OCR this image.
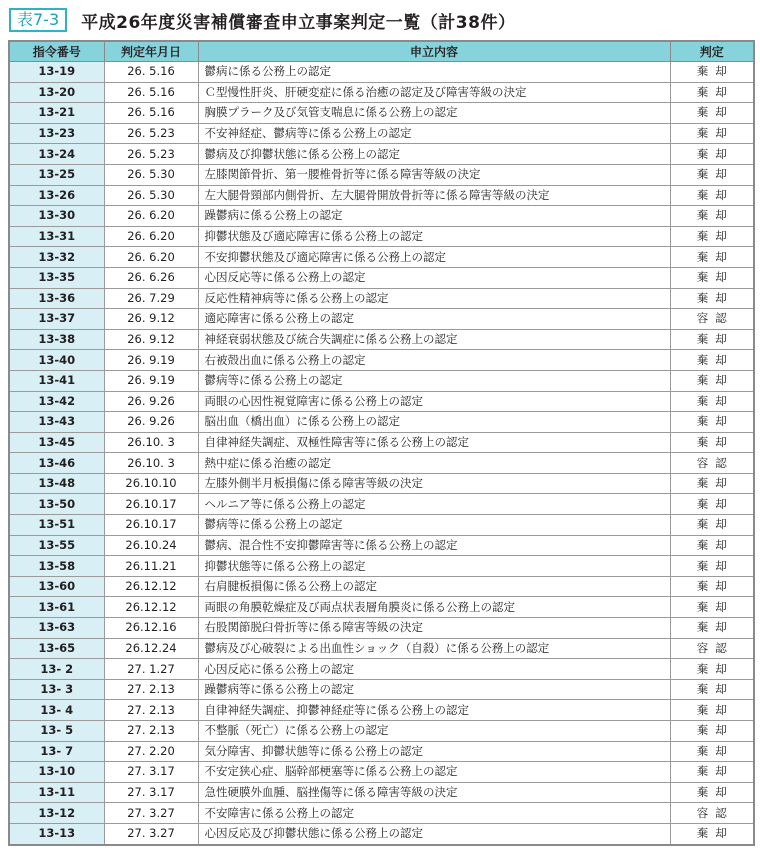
表7-3	平成26年度災害補償審査申立事案判定一覧（計38件）
指令番号	判定年月日	申立内容	判定
13-19	26. 5.16	鬱病に係る公務上の認定	棄却
13-20	26. 5.16	Ｃ型慢性肝炎、肝硬変症に係る治癒の認定及び障害等級の決定	棄却
13-21	26. 5.16	胸膜プラーク及び気管支喘息に係る公務上の認定	棄却
13-23	26. 5.23	不安神経症、鬱病等に係る公務上の認定	棄却
13-24	26. 5.23	鬱病及び抑鬱状態に係る公務上の認定	棄却
13-25	26. 5.30	左膝関節骨折、第一腰椎骨折等に係る障害等級の決定	棄却
13-26	26. 5.30	左大腿骨頸部内側骨折、左大腿骨開放骨折等に係る障害等級の決定	棄却
13-30	26. 6.20	躁鬱病に係る公務上の認定	棄却
13-31	26. 6.20	抑鬱状態及び適応障害に係る公務上の認定	棄却
13-32	26. 6.20	不安抑鬱状態及び適応障害に係る公務上の認定	棄却
13-35	26. 6.26	心因反応等に係る公務上の認定	棄却
13-36	26. 7.29	反応性精神病等に係る公務上の認定	棄却
13-37	26. 9.12	適応障害に係る公務上の認定	容認
13-38	26. 9.12	神経衰弱状態及び統合失調症に係る公務上の認定	棄却
13-40	26. 9.19	右被殻出血に係る公務上の認定	棄却
13-41	26. 9.19	鬱病等に係る公務上の認定	棄却
13-42	26. 9.26	両眼の心因性視覚障害に係る公務上の認定	棄却
13-43	26. 9.26	脳出血（橋出血）に係る公務上の認定	棄却
13-45	26.10. 3	自律神経失調症、双極性障害等に係る公務上の認定	棄却
13-46	26.10. 3	熱中症に係る治癒の認定	容認
13-48	26.10.10	左膝外側半月板損傷に係る障害等級の決定	棄却
13-50	26.10.17	ヘルニア等に係る公務上の認定	棄却
13-51	26.10.17	鬱病等に係る公務上の認定	棄却
13-55	26.10.24	鬱病、混合性不安抑鬱障害等に係る公務上の認定	棄却
13-58	26.11.21	抑鬱状態等に係る公務上の認定	棄却
13-60	26.12.12	右肩腱板損傷に係る公務上の認定	棄却
13-61	26.12.12	両眼の角膜乾燥症及び両点状表層角膜炎に係る公務上の認定	棄却
13-63	26.12.16	右股関節脱臼骨折等に係る障害等級の決定	棄却
13-65	26.12.24	鬱病及び心破裂による出血性ショック（自殺）に係る公務上の認定	容認
13- 2	27. 1.27	心因反応に係る公務上の認定	棄却
13- 3	27. 2.13	躁鬱病等に係る公務上の認定	棄却
13- 4	27. 2.13	自律神経失調症、抑鬱神経症等に係る公務上の認定	棄却
13- 5	27. 2.13	不整脈（死亡）に係る公務上の認定	棄却
13- 7	27. 2.20	気分障害、抑鬱状態等に係る公務上の認定	棄却
13-10	27. 3.17	不安定狭心症、脳幹部梗塞等に係る公務上の認定	棄却
13-11	27. 3.17	急性硬膜外血腫、脳挫傷等に係る障害等級の決定	棄却
13-12	27. 3.27	不安障害に係る公務上の認定	容認
13-13	27. 3.27	心因反応及び抑鬱状態に係る公務上の認定	棄却
